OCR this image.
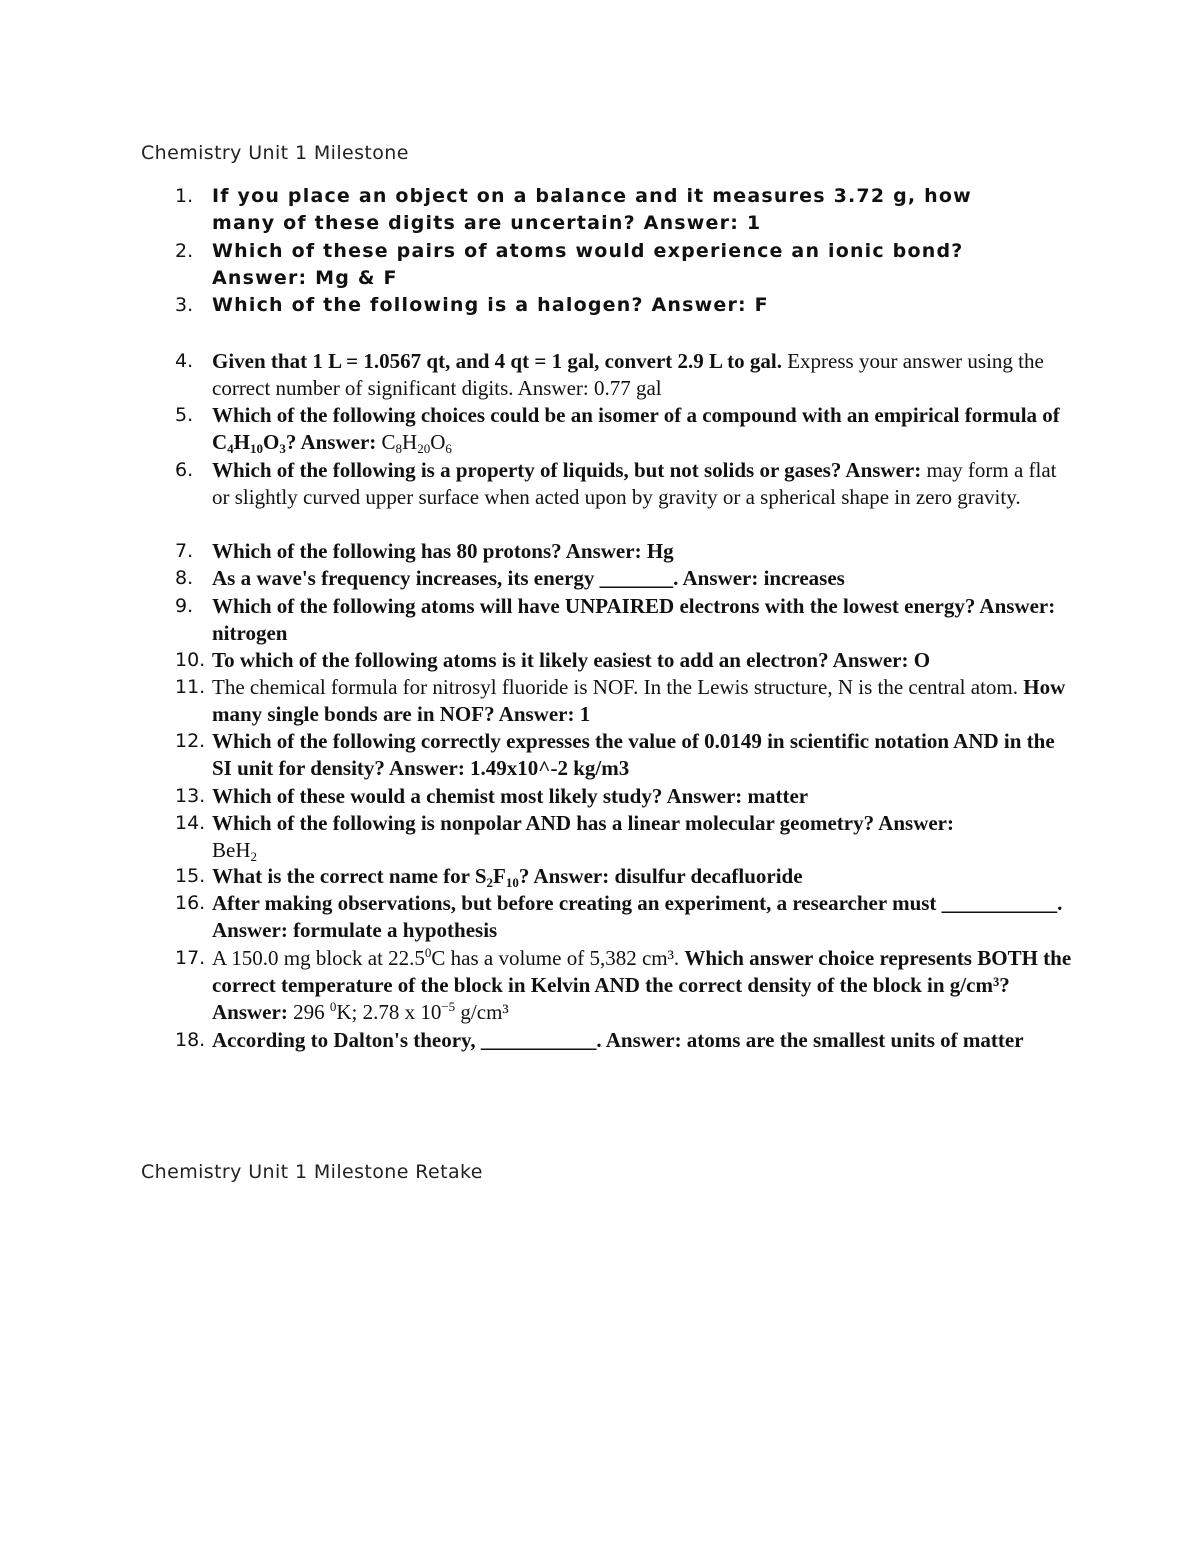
Chemistry Unit 1 Milestone
1. If you place an object on a balance and it measures 3.72 g, how
many of these digits are uncertain? Answer: 1
2. Which of these pairs of atoms would experience an ionic bond?
Answer: Mg & F
3. Which of the following is a halogen? Answer: F
4. Given that 1 L = 1.0567 qt, and 4 qt = 1 gal, convert 2.9 L to gal. Express your answer using the correct number of significant digits. Answer: 0.77 gal
5. Which of the following choices could be an isomer of a compound with an empirical formula of $C_4H_{10}O_3$? Answer: $C_8H_{20}O_6$
6. Which of the following is a property of liquids, but not solids or gases? Answer: may form a flat or slightly curved upper surface when acted upon by gravity or a spherical shape in zero gravity.
7. Which of the following has 80 protons? Answer: Hg
8. As a wave's frequency increases, its energy _______. Answer: increases
9. Which of the following atoms will have UNPAIRED electrons with the lowest energy? Answer: nitrogen
10. To which of the following atoms is it likely easiest to add an electron? Answer: O
11. The chemical formula for nitrosyl fluoride is NOF. In the Lewis structure, N is the central atom. How many single bonds are in NOF? Answer: 1
12. Which of the following correctly expresses the value of 0.0149 in scientific notation AND in the SI unit for density? Answer: 1.49x10^-2 kg/m3
13. Which of these would a chemist most likely study? Answer: matter
14. Which of the following is nonpolar AND has a linear molecular geometry? Answer:
BeH$_2$
15. What is the correct name for $S_2F_{10}$? Answer: disulfur decafluoride
16. After making observations, but before creating an experiment, a researcher must ___________. Answer: formulate a hypothesis
17. A 150.0 mg block at 22.5$^0$C has a volume of 5,382 cm³. Which answer choice represents BOTH the correct temperature of the block in Kelvin AND the correct density of the block in g/cm³? Answer: 296 $^0$K; 2.78 x $10^{-5}$ g/cm³
18. According to Dalton's theory, ___________. Answer: atoms are the smallest units of matter
Chemistry Unit 1 Milestone Retake
